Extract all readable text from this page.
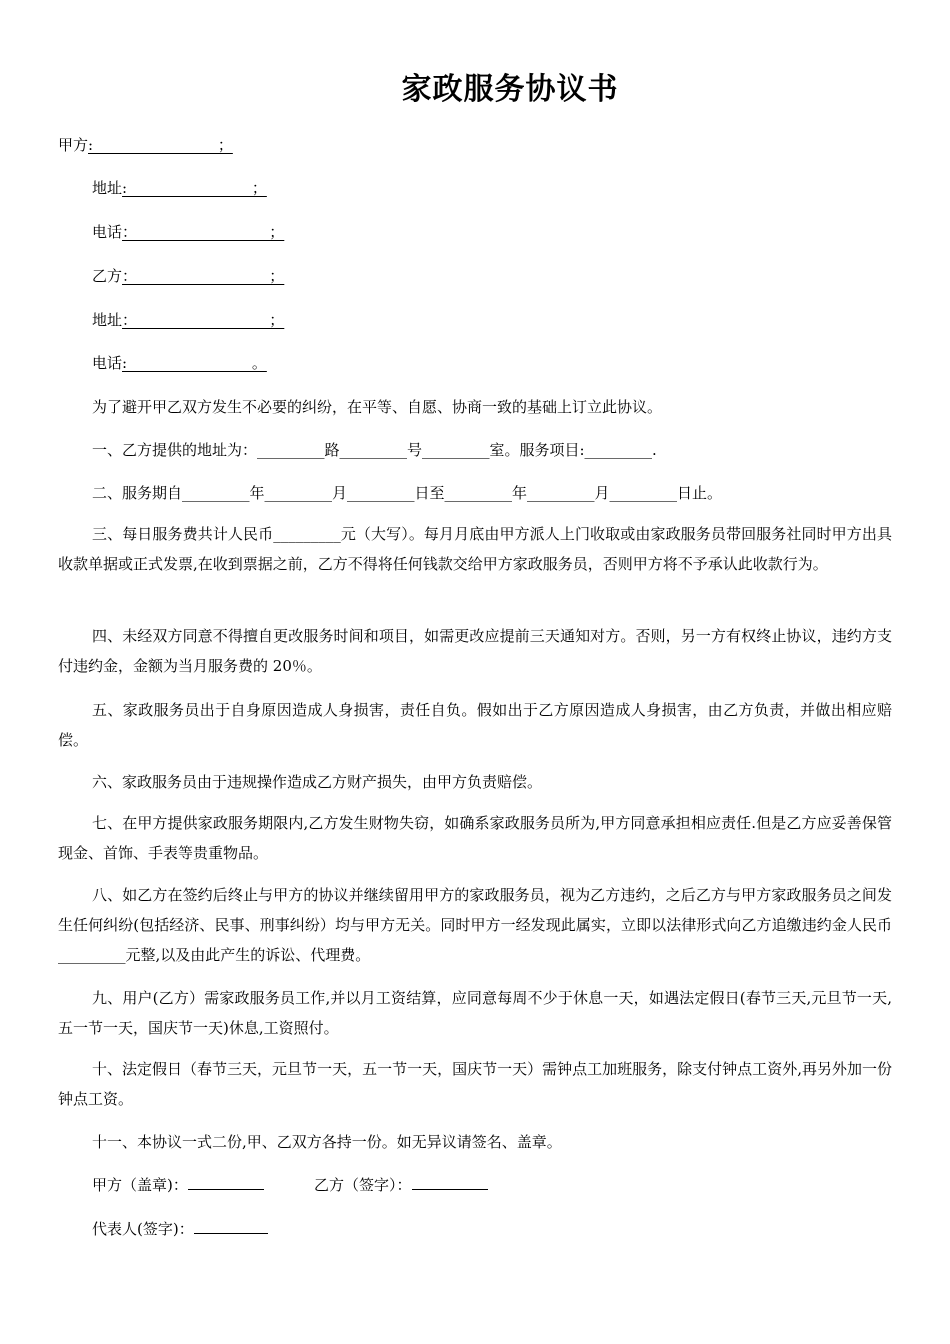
家政服务协议书
甲方:________________ ；
地址:________________ ；
电话：_________________ ；
乙方：_________________ ；
地址：_________________ ；
电话:________________ 。
为了避开甲乙双方发生不必要的纠纷，在平等、自愿、协商一致的基础上订立此协议。
一、乙方提供的地址为：_________路_________号_________室。服务项目:_________.
二、服务期自_________年_________月_________日至_________年_________月_________日止。
三、每日服务费共计人民币_________元（大写）。每月月底由甲方派人上门收取或由家政服务员带回服务社同时甲方出具收款单据或正式发票,在收到票据之前，乙方不得将任何钱款交给甲方家政服务员，否则甲方将不予承认此收款行为。
四、未经双方同意不得擅自更改服务时间和项目，如需更改应提前三天通知对方。否则，另一方有权终止协议，违约方支付违约金，金额为当月服务费的 20％。
五、家政服务员出于自身原因造成人身损害，责任自负。假如出于乙方原因造成人身损害，由乙方负责，并做出相应赔偿。
六、家政服务员由于违规操作造成乙方财产损失，由甲方负责赔偿。
七、在甲方提供家政服务期限内,乙方发生财物失窃，如确系家政服务员所为,甲方同意承担相应责任.但是乙方应妥善保管现金、首饰、手表等贵重物品。
八、如乙方在签约后终止与甲方的协议并继续留用甲方的家政服务员，视为乙方违约，之后乙方与甲方家政服务员之间发生任何纠纷(包括经济、民事、刑事纠纷）均与甲方无关。同时甲方一经发现此属实，立即以法律形式向乙方追缴违约金人民币_________元整,以及由此产生的诉讼、代理费。
九、用户(乙方）需家政服务员工作,并以月工资结算，应同意每周不少于休息一天，如遇法定假日(春节三天,元旦节一天,五一节一天，国庆节一天)休息,工资照付。
十、法定假日（春节三天，元旦节一天，五一节一天，国庆节一天）需钟点工加班服务，除支付钟点工资外,再另外加一份钟点工资。
十一、本协议一式二份,甲、乙双方各持一份。如无异议请签名、盖章。
甲方（盖章)：	乙方（签字）：
代表人(签字)：
